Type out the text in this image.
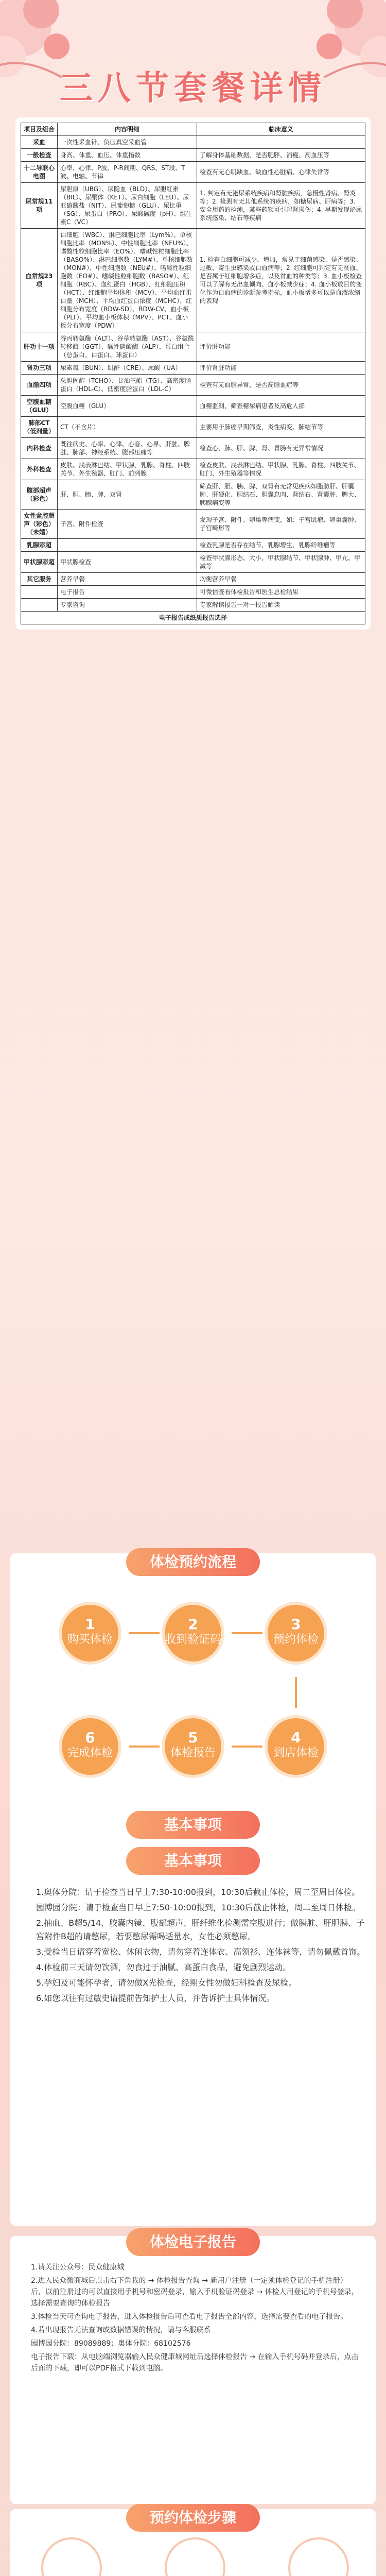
三八节套餐详情
项目及组合	内容明细	临床意义
采血	一次性采血针、负压真空采血管	
一般检查	身高、体重、血压、体重指数	了解身体基础数据，是否肥胖、消瘦、高血压等
十二导联心电图	心率、心律、P波、P-R间期、QRS、ST段、T波、电轴、节律	检查有无心肌缺血、缺血性心脏病、心律失常等
尿常规11项	尿胆原（UBG）、尿隐血（BLD）、尿胆红素（BIL）、尿酮体（KET）、尿白细胞（LEU）、尿亚硝酸盐（NIT）、尿葡萄糖（GLU）、尿比重（SG）、尿蛋白（PRO）、尿酸碱度（pH）、维生素C（VC）	1. 判定有无泌尿系统疾病和肾脏疾病，急慢性肾病、肾炎等；2. 检测有无其他系统的疾病，如糖尿病、肝病等；3. 安全用药的检测，某些药物可引起肾损伤；4. 早期发现泌尿系统感染、结石等疾病
血常规23项	白细胞（WBC）、淋巴细胞比率（Lym%）、单核细胞比率（MON%）、中性细胞比率（NEU%）、嗜酸性粒细胞比率（EO%）、嗜碱性粒细胞比率（BASO%）、淋巴细胞数（LYM#）、单核细胞数（MON#）、中性细胞数（NEU#）、嗜酸性粒细胞数（EO#）、嗜碱性粒细胞数（BASO#）、红细胞（RBC）、血红蛋白（HGB）、红细胞压积（HCT）、红细胞平均体积（MCV）、平均血红蛋白量（MCH）、平均血红蛋白浓度（MCHC）、红细胞分布宽度（RDW-SD）、RDW-CV、血小板（PLT）、平均血小板体积（MPV）、PCT、血小板分布宽度（PDW）	1. 检查白细胞可减少，增加，常见于细菌感染、是否感染、过敏、寄生虫感染或白血病等；2. 红细胞可判定有无贫血、是否属于红细胞增多症，以及贫血的种类等；3. 血小板检查可以了解有无出血倾向、血小板减少症；4. 血小板数目的变化作为白血病的诊断参考指标，血小板增多可以是血液浓缩的表现
肝功十一项	谷丙转氨酶（ALT）、谷草转氨酶（AST）、谷氨酰转移酶（GGT）、碱性磷酸酶（ALP）、蛋白组合（总蛋白、白蛋白、球蛋白）	评价肝功能
肾功三项	尿素氮（BUN）、肌酐（CRE）、尿酸（UA）	评价肾脏功能
血脂四项	总胆固醇（TCHO）、甘油三酯（TG）、高密度脂蛋白（HDL-C）、低密度脂蛋白（LDL-C）	检查有无血脂异常，是否高脂血症等
空腹血糖（GLU）	空腹血糖（GLU）	血糖监测，筛查糖尿病患者及高危人群
肺部CT（低剂量）	CT（不含片）	主要用于肺癌早期筛查，炎性病变、肺结节等
内科检查	既往病史、心率、心律、心音、心界、肝脏、脾脏、肺部、神经系统、腹部压痛等	检查心、肺、肝、脾、肾、胃肠有无异常情况
外科检查	皮肤、浅表淋巴结、甲状腺、乳腺、脊柱、四肢关节、外生殖器、肛门、前列腺	检查皮肤、浅表淋巴结、甲状腺、乳腺、脊柱、四肢关节、肛门、外生殖器等情况
腹部超声（彩色）	肝、胆、胰、脾、双肾	筛查肝、胆、胰、脾、双肾有无常见疾病如脂肪肝、肝囊肿、肝硬化、胆结石、胆囊息肉、肾结石、肾囊肿、脾大、胰腺病变等
女性盆腔超声（彩色）（未婚）	子宫、附件检查	发现子宫、附件、卵巢等病变，如：子宫肌瘤、卵巢囊肿、子宫畸形等
乳腺彩超		检查乳腺是否存在结节，乳腺增生、乳腺纤维瘤等
甲状腺彩超	甲状腺检查	检查甲状腺形态、大小，甲状腺结节、甲状腺肿、甲亢、甲减等
其它服务	营养早餐	均衡营养早餐
	电子报告	可微信查看体检报告和医生总检结果
	专家咨询	专家解读报告一对一报告解读
电子报告或纸质报告选择		
体检预约流程
1
购买体检
2
收到验证码
3
预约体检
4
到店体检
5
体检报告
6
完成体检
基本事项
基本事项

1.奥体分院：请于检查当日早上7:30-10:00报到，10:30后截止体检，周二至周日体检。

园博园分院：请于检查当日早上7:50-10:00报到，10:30后截止体检，周二至周日体检。

2.抽血、B超5/14、胶囊内镜、腹部超声、肝纤维化检测需空腹进行；做胰脏、肝胆胰、子宫附件B超的请憋尿，若要憋尿需喝适量水，女性必须憋尿。

3.受检当日请穿着宽松、休闲衣物，请勿穿着连体衣、高领衫、连体袜等，请勿佩戴首饰。

4.体检前三天请勿饮酒，勿食过于油腻、高蛋白食品，避免剧烈运动。

5.孕妇及可能怀孕者，请勿做X光检查，经期女性勿做妇科检查及尿检。

6.如您以往有过敏史请提前告知护士人员，并告诉护士具体情况。

体检电子报告

1.请关注公众号：民众健康城

2.进入民众微商城后点击右下角我的 → 体检报告查询 → 新用户注册（一定须体检登记的手机注册）后，以前注册过的可以直接用手机号和密码登录，输入手机验证码登录 → 体检人用登记的手机号登录，选择需要查询的体检报告

3.体检当天可查询电子报告，进入体检报告后可查看电子报告全部内容，选择需要查看的电子报告。

4.若出现报告无法查询或数据错误的情况，请与客服联系

园博园分院：89089889；奥体分院：68102576

电子报告下载：从电脑端浏览器输入民众健康城网址后选择体检报告 → 在输入手机号码并登录后，点击后面的下载，即可以PDF格式下载到电脑。

预约体检步骤
